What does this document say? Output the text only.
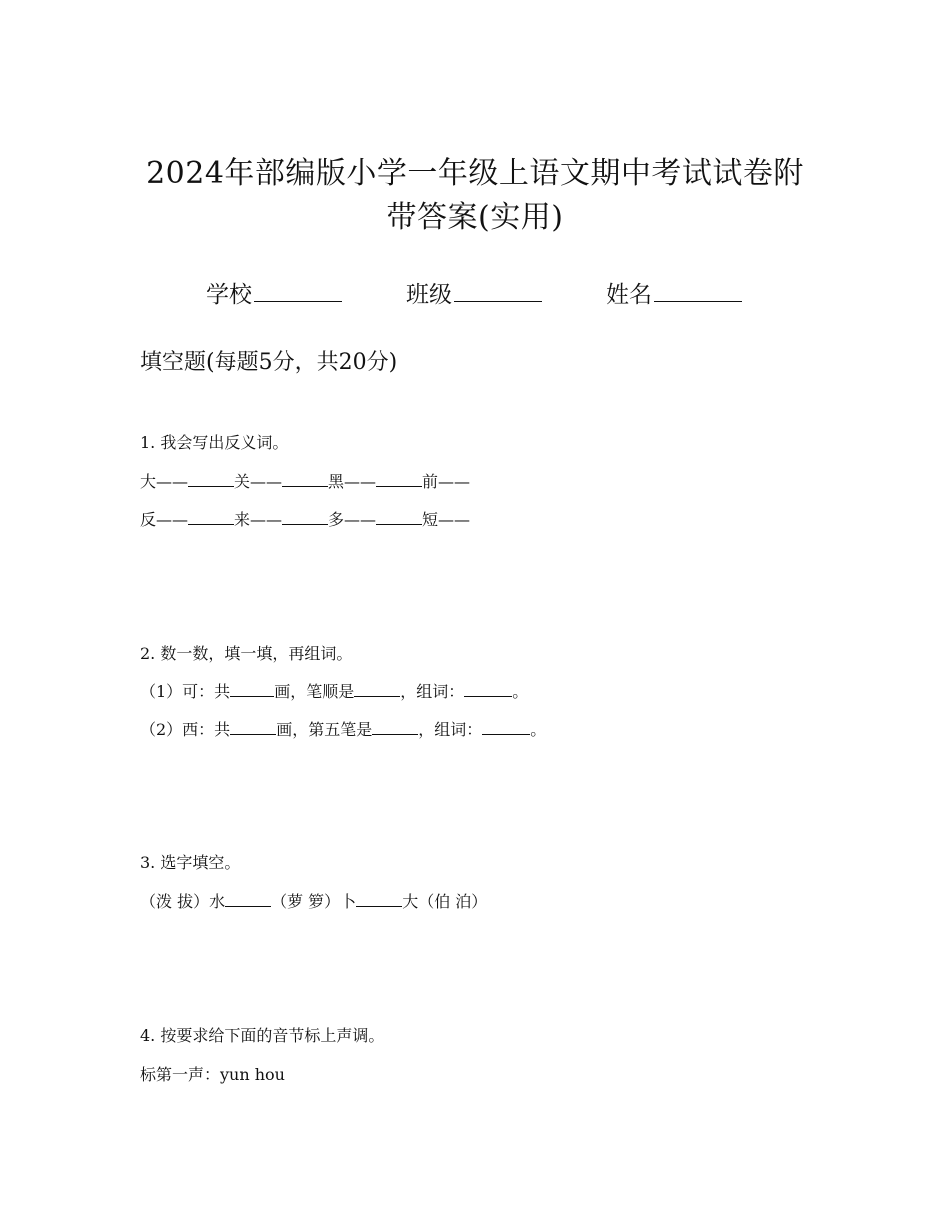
2024年部编版小学一年级上语文期中考试试卷附
带答案(实用)
学校	班级	姓名
填空题(每题5分，共20分)
1. 我会写出反义词。
大——	关——	黑——	前——
反——	来——	多——	短——
2. 数一数，填一填，再组词。
（1）可：共	画，笔顺是	，组词：	。
（2）西：共	画，第五笔是	，组词：	。
3. 选字填空。
（泼 拔）水	（萝 箩）卜	大（伯 泊）
4. 按要求给下面的音节标上声调。
标第一声：yun hou
